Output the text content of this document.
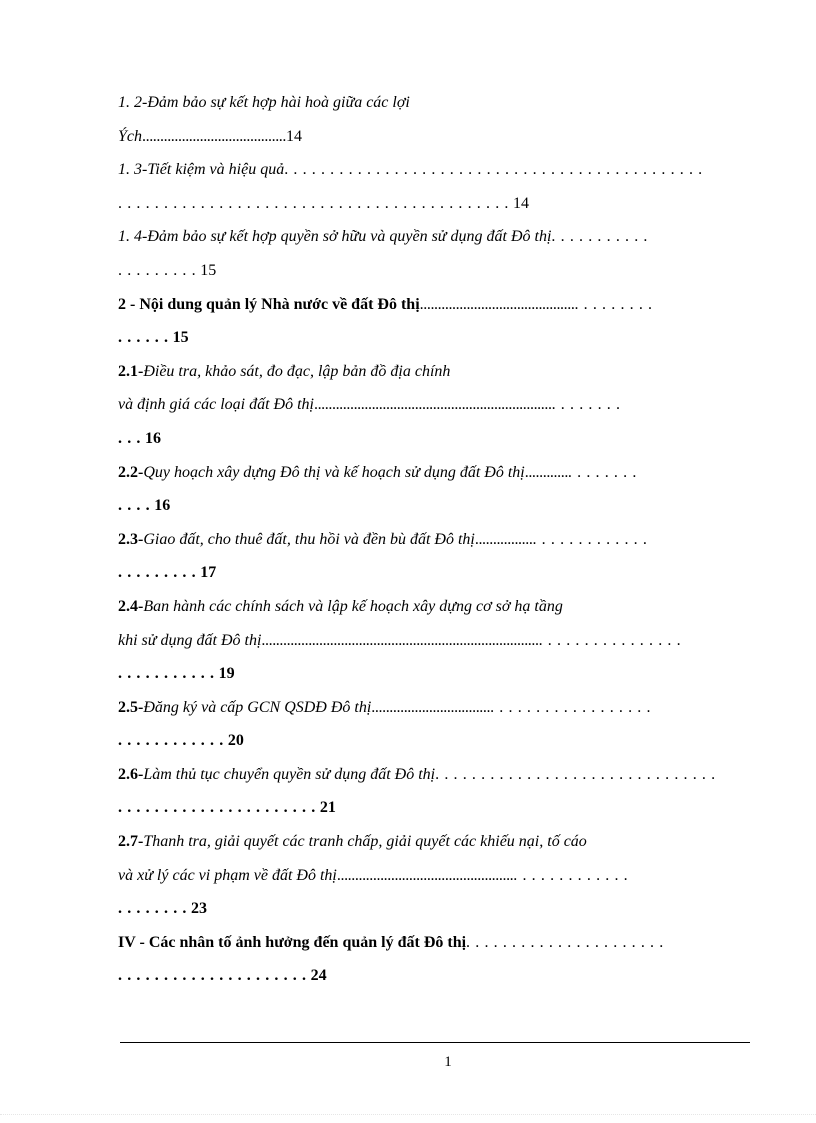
1. 2-Đảm bảo sự kết hợp hài hoà giữa các lợi
Ých........................................14
1. 3-Tiết kiệm và hiệu quả. . . . . . . . . . . . . . . . . . . . . . . . . . . . . . . . . . . . . . . . . . . . . .
. . . . . . . . . . . . . . . . . . . . . . . . . . . . . . . . . . . . . . . . . . . 14
1. 4-Đảm bảo sự kết hợp quyền sở hữu và quyền sử dụng đất Đô thị. . . . . . . . . . .
. . . . . . . . . 15
2 - Nội dung quản lý Nhà nước về đất Đô thị............................................ . . . . . . . .
. . . . . . 15
2.1-Điều tra, khảo sát, đo đạc, lập bản đồ địa chính
và định giá các loại đất Đô thị................................................................... . . . . . . .
. . . 16
2.2-Quy hoạch xây dựng Đô thị và kế hoạch sử dụng đất Đô thị............. . . . . . . .
. . . . 16
2.3-Giao đất, cho thuê đất, thu hồi và đền bù đất Đô thị................. . . . . . . . . . . . .
. . . . . . . . . 17
2.4-Ban hành các chính sách và lập kế hoạch xây dựng cơ sở hạ tầng
khi sử dụng đất Đô thị.............................................................................. . . . . . . . . . . . . . . .
. . . . . . . . . . . 19
2.5-Đăng ký và cấp GCN QSDĐ Đô thị.................................. . . . . . . . . . . . . . . . . .
. . . . . . . . . . . . 20
2.6-Làm thủ tục chuyển quyền sử dụng đất Đô thị. . . . . . . . . . . . . . . . . . . . . . . . . . . . . . .
. . . . . . . . . . . . . . . . . . . . . . 21
2.7-Thanh tra, giải quyết các tranh chấp, giải quyết các khiếu nại, tố cáo
và xử lý các vi phạm về đất Đô thị.................................................. . . . . . . . . . . . .
. . . . . . . . 23
IV - Các nhân tố ảnh hưởng đến quản lý đất Đô thị. . . . . . . . . . . . . . . . . . . . . .
. . . . . . . . . . . . . . . . . . . . . 24
1
